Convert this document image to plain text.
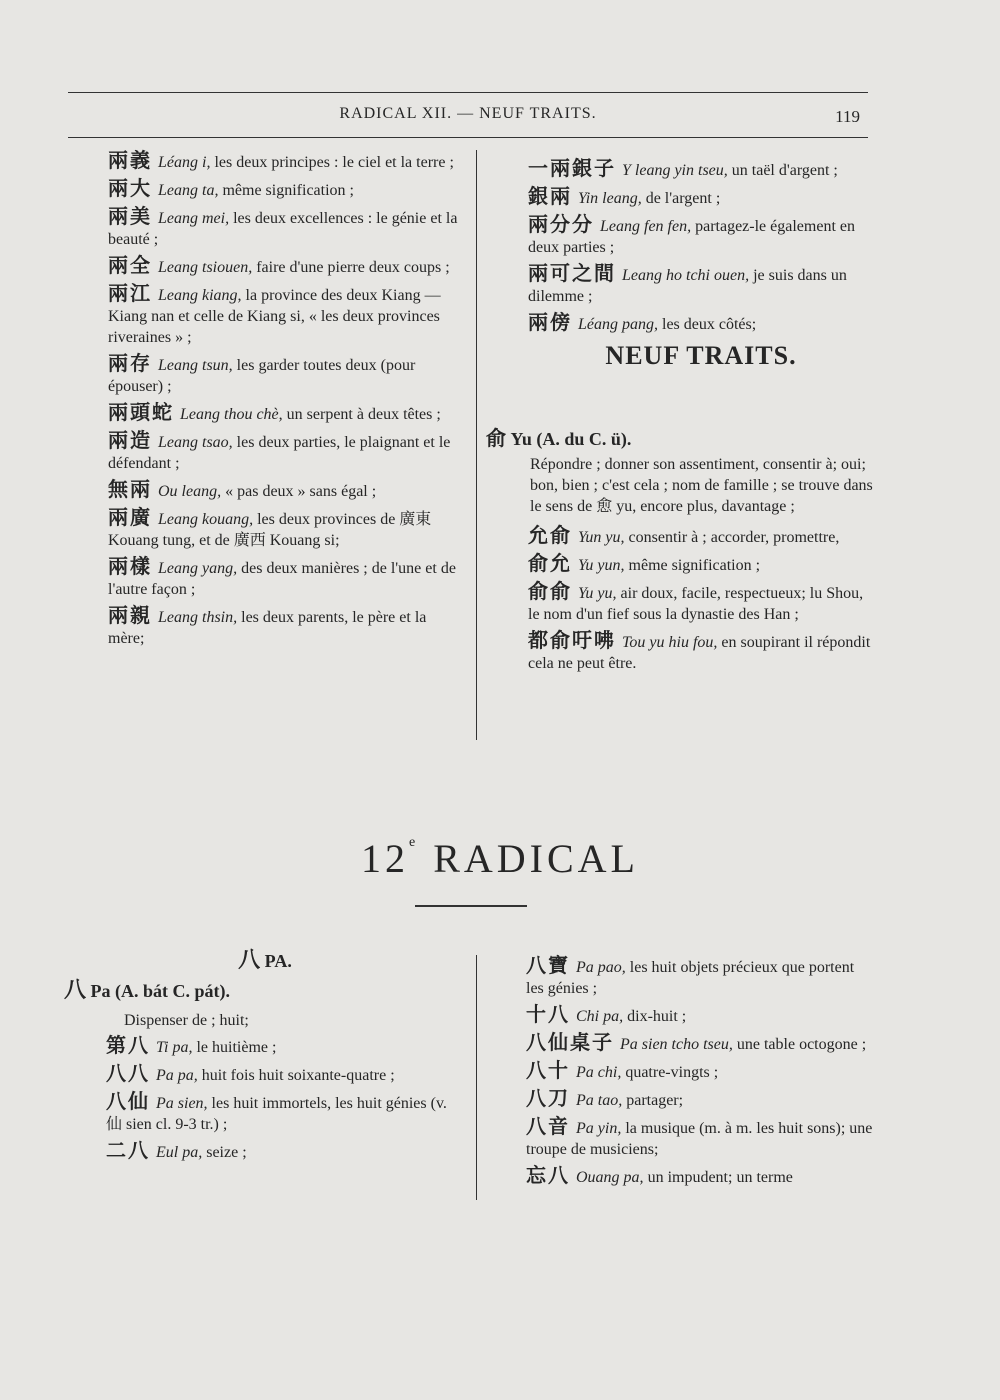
RADICAL XII. — NEUF TRAITS.	119
兩義 Léang i, les deux principes : le ciel et la terre ;
兩大 Leang ta, même signification ;
兩美 Leang mei, les deux excellences : le génie et la beauté ;
兩全 Leang tsiouen, faire d'une pierre deux coups ;
兩江 Leang kiang, la province des deux Kiang — Kiang nan et celle de Kiang si, « les deux provinces riveraines » ;
兩存 Leang tsun, les garder toutes deux (pour épouser) ;
兩頭蛇 Leang thou chè, un serpent à deux têtes ;
兩造 Leang tsao, les deux parties, le plaignant et le défendant ;
無兩 Ou leang, « pas deux » sans égal ;
兩廣 Leang kouang, les deux provinces de 廣東 Kouang tung, et de 廣西 Kouang si;
兩樣 Leang yang, des deux manières ; de l'une et de l'autre façon ;
兩親 Leang thsin, les deux parents, le père et la mère;
一兩銀子 Y leang yin tseu, un taël d'argent ;
銀兩 Yin leang, de l'argent ;
兩分分 Leang fen fen, partagez-le également en deux parties ;
兩可之間 Leang ho tchi ouen, je suis dans un dilemme ;
兩傍 Léang pang, les deux côtés;
NEUF TRAITS.
俞 Yu (A. du C. ü).
Répondre ; donner son assentiment, consentir à; oui; bon, bien ; c'est cela ; nom de famille ; se trouve dans le sens de 愈 yu, encore plus, davantage ;
允俞 Yun yu, consentir à ; accorder, promettre,
俞允 Yu yun, même signification ;
俞俞 Yu yu, air doux, facile, respectueux; lu Shou, le nom d'un fief sous la dynastie des Han ;
都俞吁咈 Tou yu hiu fou, en soupirant il répondit cela ne peut être.
12e RADICAL
八 PA.
八 Pa (A. bát C. pát).
Dispenser de ; huit;
第八 Ti pa, le huitième ;
八八 Pa pa, huit fois huit soixante-quatre ;
八仙 Pa sien, les huit immortels, les huit génies (v. 仙 sien cl. 9-3 tr.) ;
二八 Eul pa, seize ;
八寶 Pa pao, les huit objets précieux que portent les génies ;
十八 Chi pa, dix-huit ;
八仙桌子 Pa sien tcho tseu, une table octogone ;
八十 Pa chi, quatre-vingts ;
八刀 Pa tao, partager;
八音 Pa yin, la musique (m. à m. les huit sons); une troupe de musiciens;
忘八 Ouang pa, un impudent; un terme
